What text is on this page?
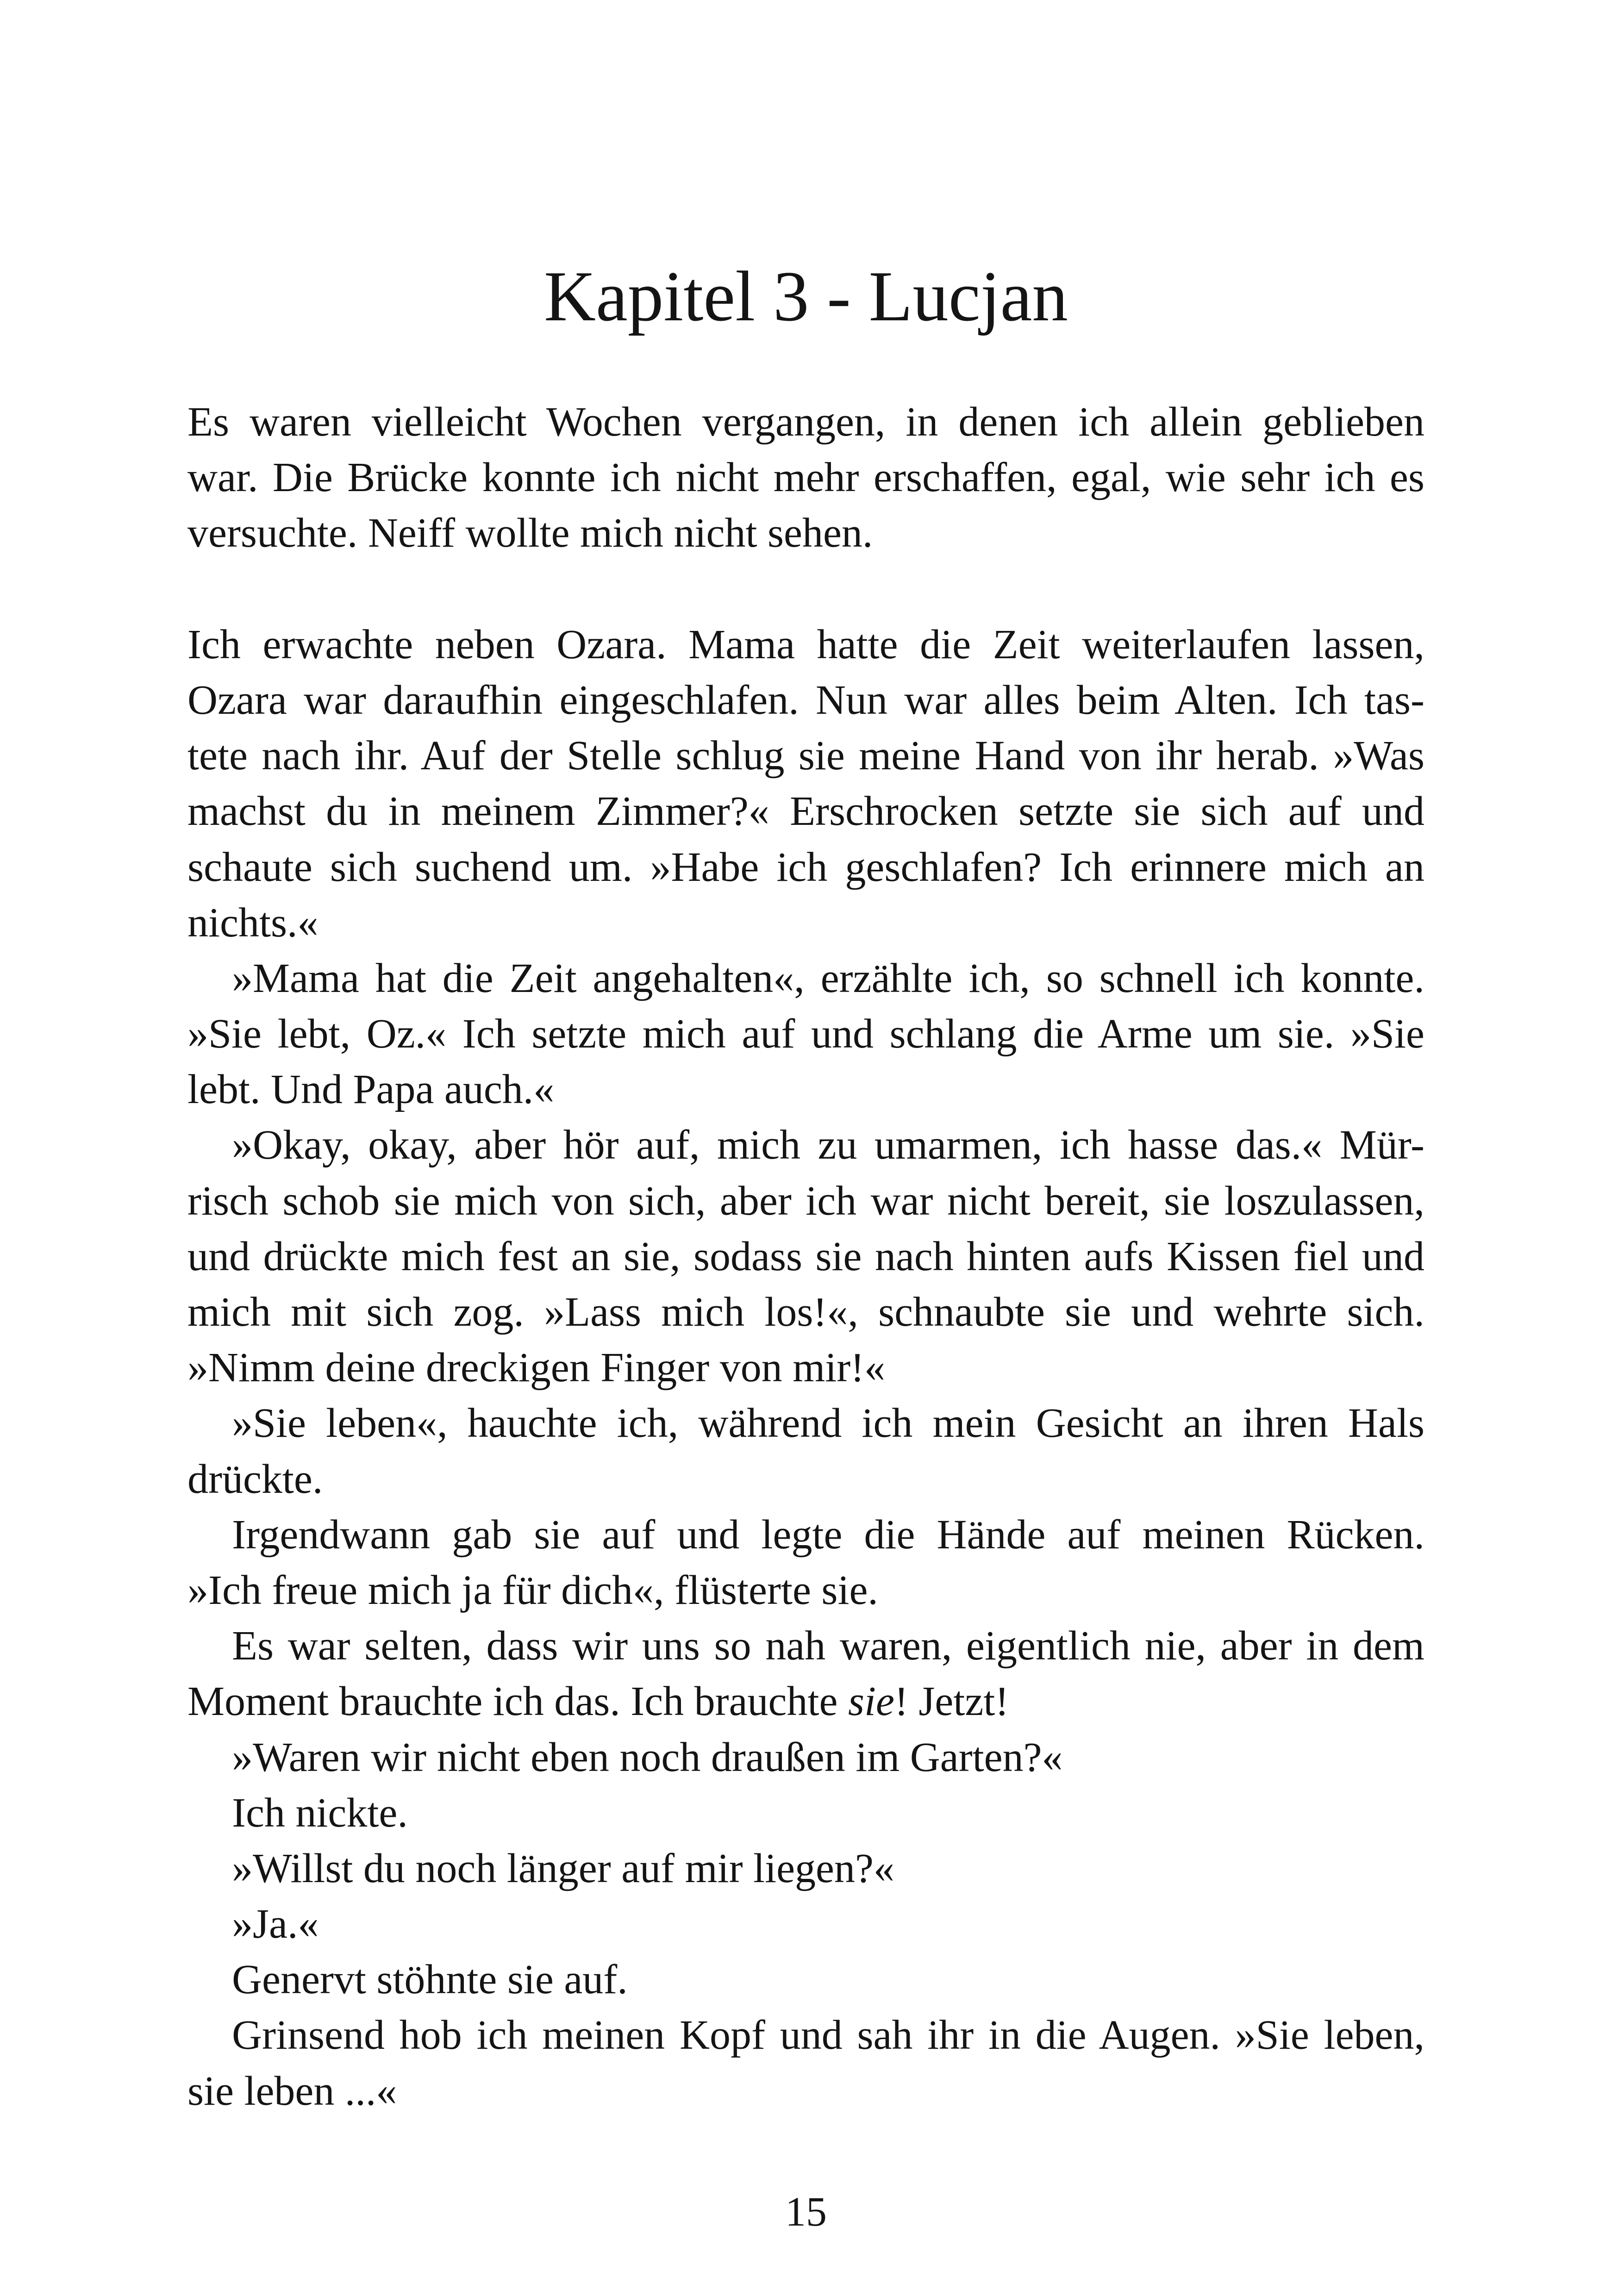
Kapitel 3 - Lucjan
Es waren vielleicht Wochen vergangen, in denen ich allein geblieben
war. Die Brücke konnte ich nicht mehr erschaffen, egal, wie sehr ich es
versuchte. Neiff wollte mich nicht sehen.
Ich erwachte neben Ozara. Mama hatte die Zeit weiterlaufen lassen,
Ozara war daraufhin eingeschlafen. Nun war alles beim Alten. Ich tas-
tete nach ihr. Auf der Stelle schlug sie meine Hand von ihr herab. »Was
machst du in meinem Zimmer?« Erschrocken setzte sie sich auf und
schaute sich suchend um. »Habe ich geschlafen? Ich erinnere mich an
nichts.«
»Mama hat die Zeit angehalten«, erzählte ich, so schnell ich konnte.
»Sie lebt, Oz.« Ich setzte mich auf und schlang die Arme um sie. »Sie
lebt. Und Papa auch.«
»Okay, okay, aber hör auf, mich zu umarmen, ich hasse das.« Mür-
risch schob sie mich von sich, aber ich war nicht bereit, sie loszulassen,
und drückte mich fest an sie, sodass sie nach hinten aufs Kissen fiel und
mich mit sich zog. »Lass mich los!«, schnaubte sie und wehrte sich.
»Nimm deine dreckigen Finger von mir!«
»Sie leben«, hauchte ich, während ich mein Gesicht an ihren Hals
drückte.
Irgendwann gab sie auf und legte die Hände auf meinen Rücken.
»Ich freue mich ja für dich«, flüsterte sie.
Es war selten, dass wir uns so nah waren, eigentlich nie, aber in dem
Moment brauchte ich das. Ich brauchte sie! Jetzt!
»Waren wir nicht eben noch draußen im Garten?«
Ich nickte.
»Willst du noch länger auf mir liegen?«
»Ja.«
Genervt stöhnte sie auf.
Grinsend hob ich meinen Kopf und sah ihr in die Augen. »Sie leben,
sie leben ...«
15
